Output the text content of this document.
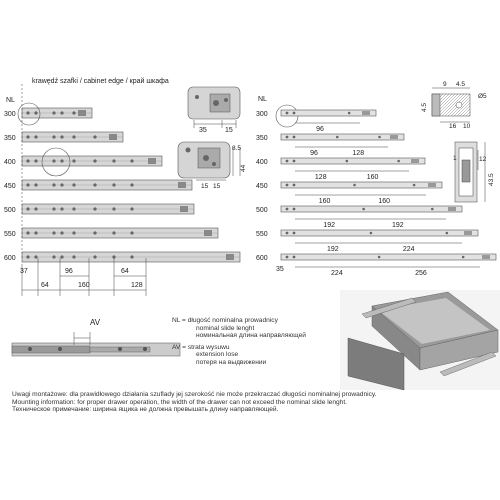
krawędź szafki / cabinet edge / край шкафа
NL
300
350
400
450
500
550
600
96	64
37
64	160	128
35	15
8.5
15 15
44
NL
300
96
350
96	128
400
128	160
450
160	160
500
192	192
550
192	224
600
224	256
35
9 4.5
Ø5
4.5
16 10
1	12
43.5
AV	NL = długość nominalna prowadnicy
nominal slide lenght
номинальная длина направляющей
AV = strata wysuwu
extension lose
потеря на выдвижении
Uwagi montażowe: dla prawidłowego działania szuflady jej szerokość nie może przekraczać długości nominalnej prowadnicy.
Mounting information: for proper drawer operation, the width of the drawer can not exceed the nominal slide lenght.
Техническое примечание: ширина ящика не должна превышать длину направляющей.
